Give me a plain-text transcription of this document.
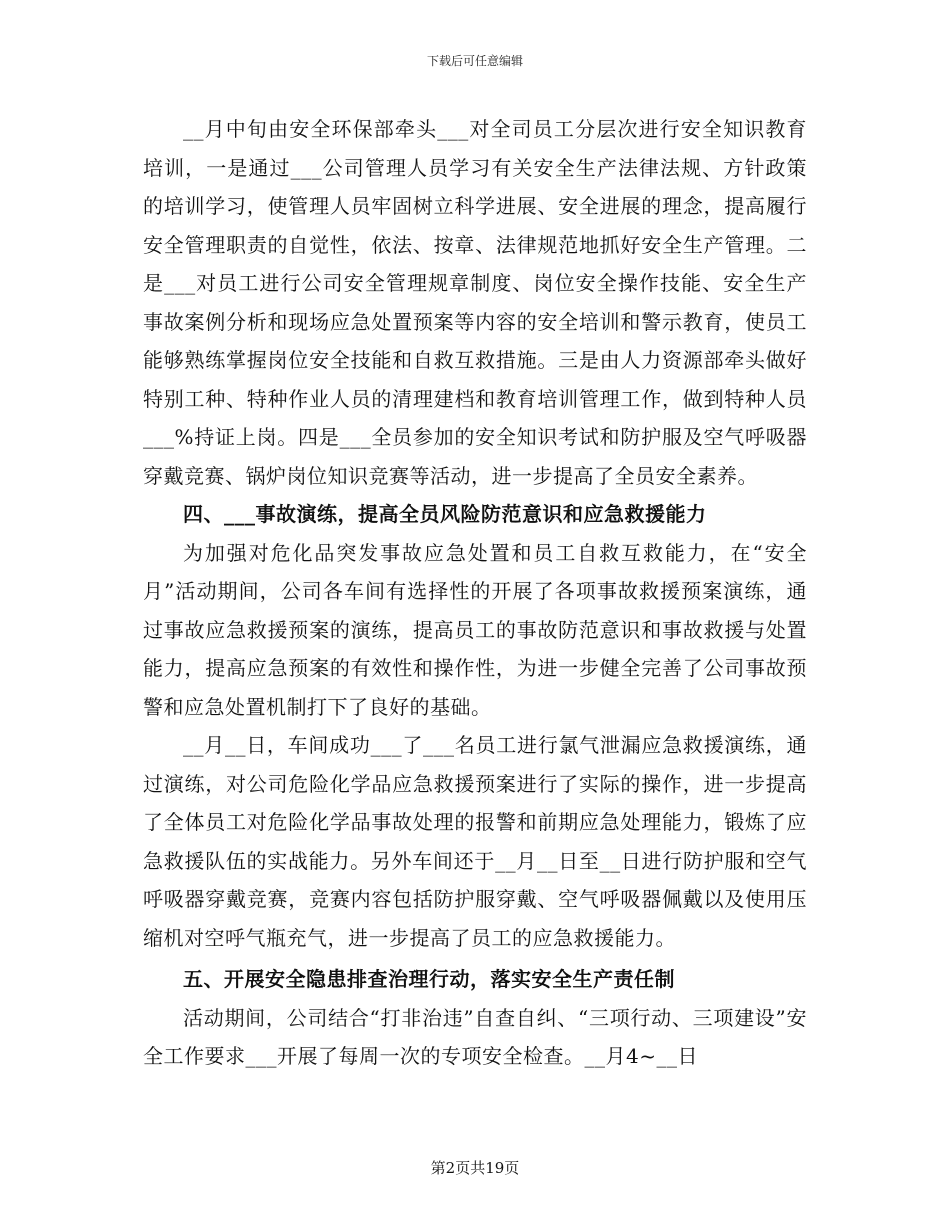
下载后可任意编辑

__月中旬由安全环保部牵头___对全司员工分层次进行安全知识教育培训，一是通过___公司管理人员学习有关安全生产法律法规、方针政策的培训学习，使管理人员牢固树立科学进展、安全进展的理念，提高履行安全管理职责的自觉性，依法、按章、法律规范地抓好安全生产管理。二是___对员工进行公司安全管理规章制度、岗位安全操作技能、安全生产事故案例分析和现场应急处置预案等内容的安全培训和警示教育，使员工能够熟练掌握岗位安全技能和自救互救措施。三是由人力资源部牵头做好特别工种、特种作业人员的清理建档和教育培训管理工作，做到特种人员___%持证上岗。四是___全员参加的安全知识考试和防护服及空气呼吸器穿戴竞赛、锅炉岗位知识竞赛等活动，进一步提高了全员安全素养。

四、___事故演练，提高全员风险防范意识和应急救援能力

为加强对危化品突发事故应急处置和员工自救互救能力，在“安全月”活动期间，公司各车间有选择性的开展了各项事故救援预案演练，通过事故应急救援预案的演练，提高员工的事故防范意识和事故救援与处置能力，提高应急预案的有效性和操作性，为进一步健全完善了公司事故预警和应急处置机制打下了良好的基础。

__月__日，车间成功___了___名员工进行氯气泄漏应急救援演练，通过演练，对公司危险化学品应急救援预案进行了实际的操作，进一步提高了全体员工对危险化学品事故处理的报警和前期应急处理能力，锻炼了应急救援队伍的实战能力。另外车间还于__月__日至__日进行防护服和空气呼吸器穿戴竞赛，竞赛内容包括防护服穿戴、空气呼吸器佩戴以及使用压缩机对空呼气瓶充气，进一步提高了员工的应急救援能力。

五、开展安全隐患排查治理行动，落实安全生产责任制

活动期间，公司结合“打非治违”自查自纠、“三项行动、三项建设”安全工作要求___开展了每周一次的专项安全检查。__月4~__日

第2页共19页
